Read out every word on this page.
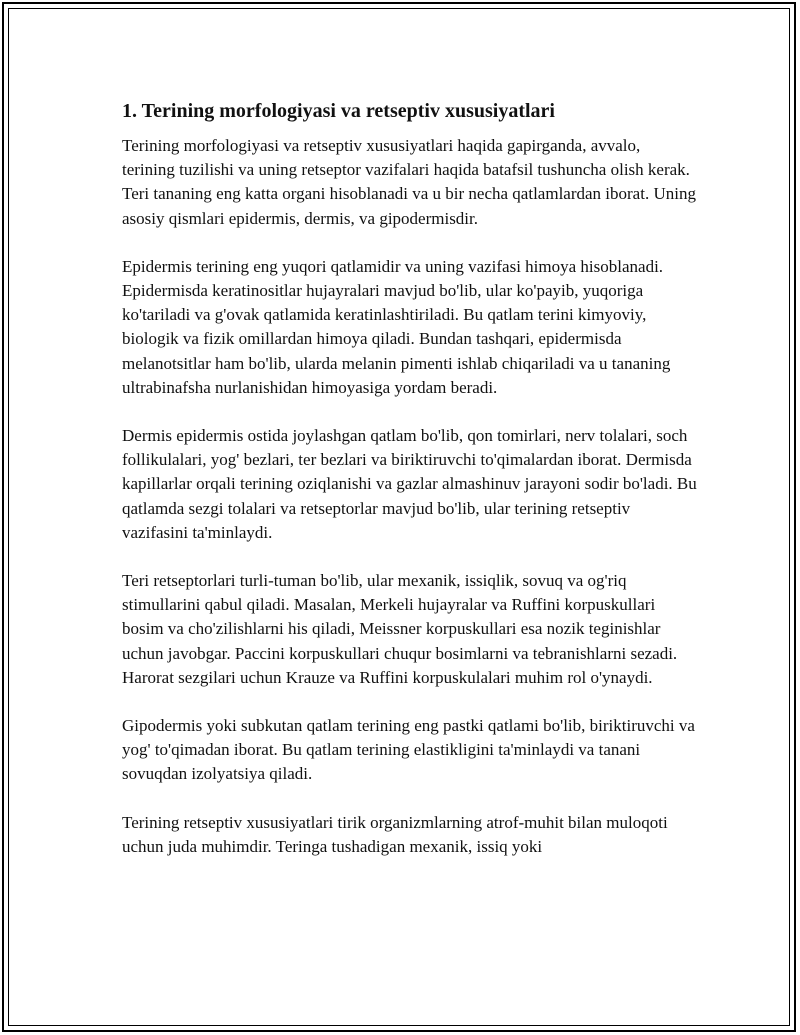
1. Terining morfologiyasi va retseptiv xususiyatlari

Terining morfologiyasi va retseptiv xususiyatlari haqida gapirganda, avvalo, terining tuzilishi va uning retseptor vazifalari haqida batafsil tushuncha olish kerak. Teri tananing eng katta organi hisoblanadi va u bir necha qatlamlardan iborat. Uning asosiy qismlari epidermis, dermis, va gipodermisdir.

Epidermis terining eng yuqori qatlamidir va uning vazifasi himoya hisoblanadi. Epidermisda keratinositlar hujayralari mavjud bo'lib, ular ko'payib, yuqoriga ko'tariladi va g'ovak qatlamida keratinlashtiriladi. Bu qatlam terini kimyoviy, biologik va fizik omillardan himoya qiladi. Bundan tashqari, epidermisda melanotsitlar ham bo'lib, ularda melanin pimenti ishlab chiqariladi va u tananing ultrabinafsha nurlanishidan himoyasiga yordam beradi.

Dermis epidermis ostida joylashgan qatlam bo'lib, qon tomirlari, nerv tolalari, soch follikulalari, yog' bezlari, ter bezlari va biriktiruvchi to'qimalardan iborat. Dermisda kapillarlar orqali terining oziqlanishi va gazlar almashinuv jarayoni sodir bo'ladi. Bu qatlamda sezgi tolalari va retseptorlar mavjud bo'lib, ular terining retseptiv vazifasini ta'minlaydi.

Teri retseptorlari turli-tuman bo'lib, ular mexanik, issiqlik, sovuq va og'riq stimullarini qabul qiladi. Masalan, Merkeli hujayralar va Ruffini korpuskullari bosim va cho'zilishlarni his qiladi, Meissner korpuskullari esa nozik teginishlar uchun javobgar. Paccini korpuskullari chuqur bosimlarni va tebranishlarni sezadi. Harorat sezgilari uchun Krauze va Ruffini korpuskulalari muhim rol o'ynaydi.

Gipodermis yoki subkutan qatlam terining eng pastki qatlami bo'lib, biriktiruvchi va yog' to'qimadan iborat. Bu qatlam terining elastikligini ta'minlaydi va tanani sovuqdan izolyatsiya qiladi.

Terining retseptiv xususiyatlari tirik organizmlarning atrof-muhit bilan muloqoti uchun juda muhimdir. Teringa tushadigan mexanik, issiq yoki
